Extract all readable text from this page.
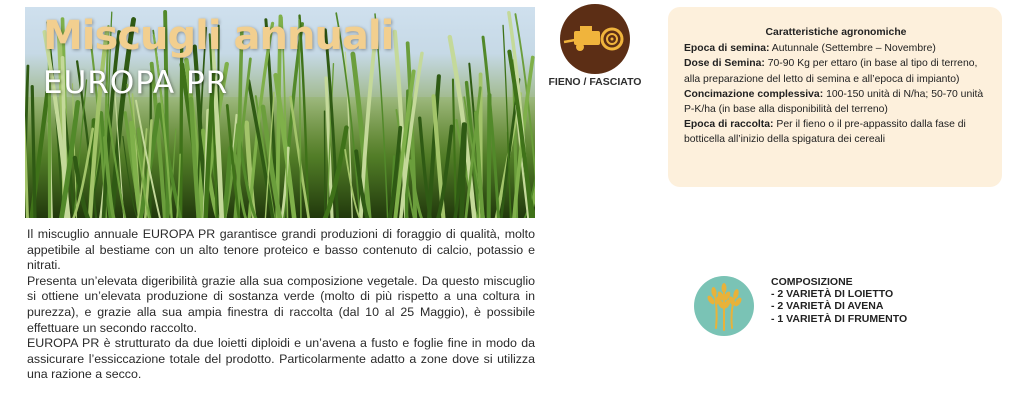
Miscugli annuali
EUROPA PR

Il miscuglio annuale EUROPA PR garantisce grandi produzioni di foraggio di qualità, molto appetibile al bestiame con un alto tenore proteico e basso contenuto di calcio, potassio e nitrati.

Presenta un’elevata digeribilità grazie alla sua composizione vegetale. Da questo miscuglio si ottiene un’elevata produzione di sostanza verde (molto di più rispetto a una coltura in purezza), e grazie alla sua ampia finestra di raccolta (dal 10 al 25 Maggio), è possibile effettuare un secondo raccolto.

EUROPA PR è strutturato da due loietti diploidi e un’avena a fusto e foglie fine in modo da assicurare l’essiccazione totale del prodotto. Particolarmente adatto a zone dove si utilizza una razione a secco.

FIENO / FASCIATO
Caratteristiche agronomiche

Epoca di semina: Autunnale (Settembre – Novembre)

Dose di Semina: 70-90 Kg per ettaro (in base al tipo di terreno, alla preparazione del letto di semina e all’epoca di impianto)

Concimazione complessiva: 100-150 unità di N/ha; 50-70 unità P-K/ha (in base alla disponibilità del terreno)

Epoca di raccolta: Per il fieno o il pre-appassito dalla fase di botticella all’inizio della spigatura dei cereali

COMPOSIZIONE
- 2 VARIETÀ DI LOIETTO
- 2 VARIETÀ DI AVENA
- 1 VARIETÀ DI FRUMENTO
